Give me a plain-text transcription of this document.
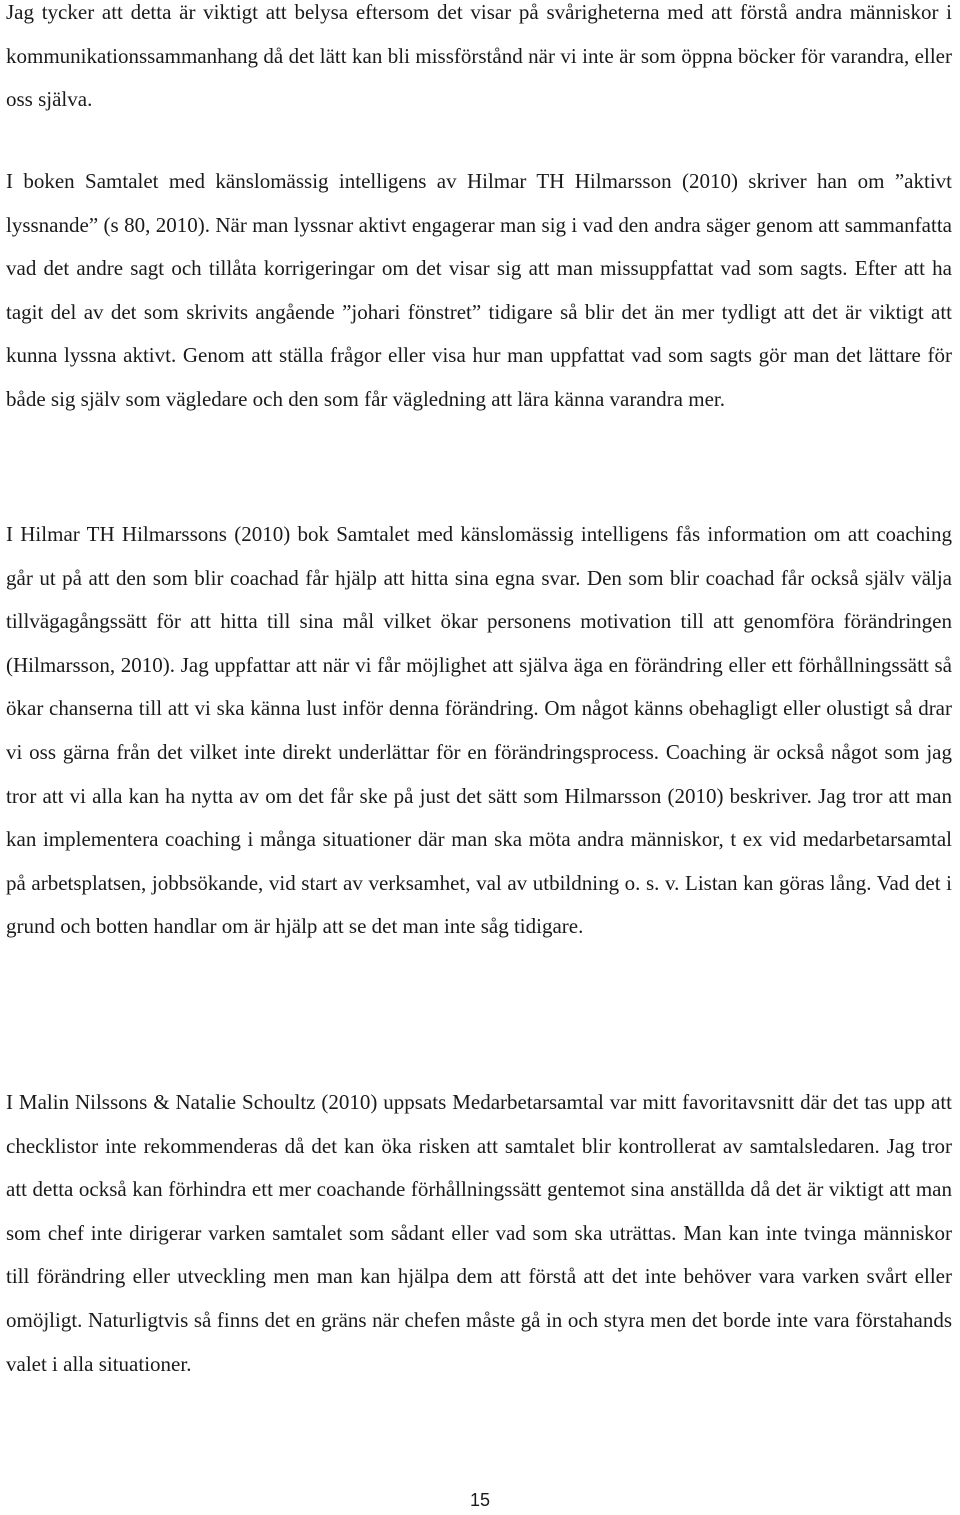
Jag tycker att detta är viktigt att belysa eftersom det visar på svårigheterna med att förstå andra människor i kommunikationssammanhang då det lätt kan bli missförstånd när vi inte är som öppna böcker för varandra, eller oss själva.

I boken Samtalet med känslomässig intelligens av Hilmar TH Hilmarsson (2010) skriver han om ”aktivt lyssnande” (s 80, 2010). När man lyssnar aktivt engagerar man sig i vad den andra säger genom att sammanfatta vad det andre sagt och tillåta korrigeringar om det visar sig att man missuppfattat vad som sagts. Efter att ha tagit del av det som skrivits angående ”johari fönstret” tidigare så blir det än mer tydligt att det är viktigt att kunna lyssna aktivt. Genom att ställa frågor eller visa hur man uppfattat vad som sagts gör man det lättare för både sig själv som vägledare och den som får vägledning att lära känna varandra mer.

I Hilmar TH Hilmarssons (2010) bok Samtalet med känslomässig intelligens fås information om att coaching går ut på att den som blir coachad får hjälp att hitta sina egna svar. Den som blir coachad får också själv välja tillvägagångssätt för att hitta till sina mål vilket ökar personens motivation till att genomföra förändringen (Hilmarsson, 2010). Jag uppfattar att när vi får möjlighet att själva äga en förändring eller ett förhållningssätt så ökar chanserna till att vi ska känna lust inför denna förändring. Om något känns obehagligt eller olustigt så drar vi oss gärna från det vilket inte direkt underlättar för en förändringsprocess. Coaching är också något som jag tror att vi alla kan ha nytta av om det får ske på just det sätt som Hilmarsson (2010) beskriver. Jag tror att man kan implementera coaching i många situationer där man ska möta andra människor, t ex vid medarbetarsamtal på arbetsplatsen, jobbsökande, vid start av verksamhet, val av utbildning o. s. v. Listan kan göras lång. Vad det i grund och botten handlar om är hjälp att se det man inte såg tidigare.

I Malin Nilssons & Natalie Schoultz (2010) uppsats Medarbetarsamtal var mitt favoritavsnitt där det tas upp att checklistor inte rekommenderas då det kan öka risken att samtalet blir kontrollerat av samtalsledaren. Jag tror att detta också kan förhindra ett mer coachande förhållningssätt gentemot sina anställda då det är viktigt att man som chef inte dirigerar varken samtalet som sådant eller vad som ska uträttas. Man kan inte tvinga människor till förändring eller utveckling men man kan hjälpa dem att förstå att det inte behöver vara varken svårt eller omöjligt. Naturligtvis så finns det en gräns när chefen måste gå in och styra men det borde inte vara förstahands valet i alla situationer.

15
